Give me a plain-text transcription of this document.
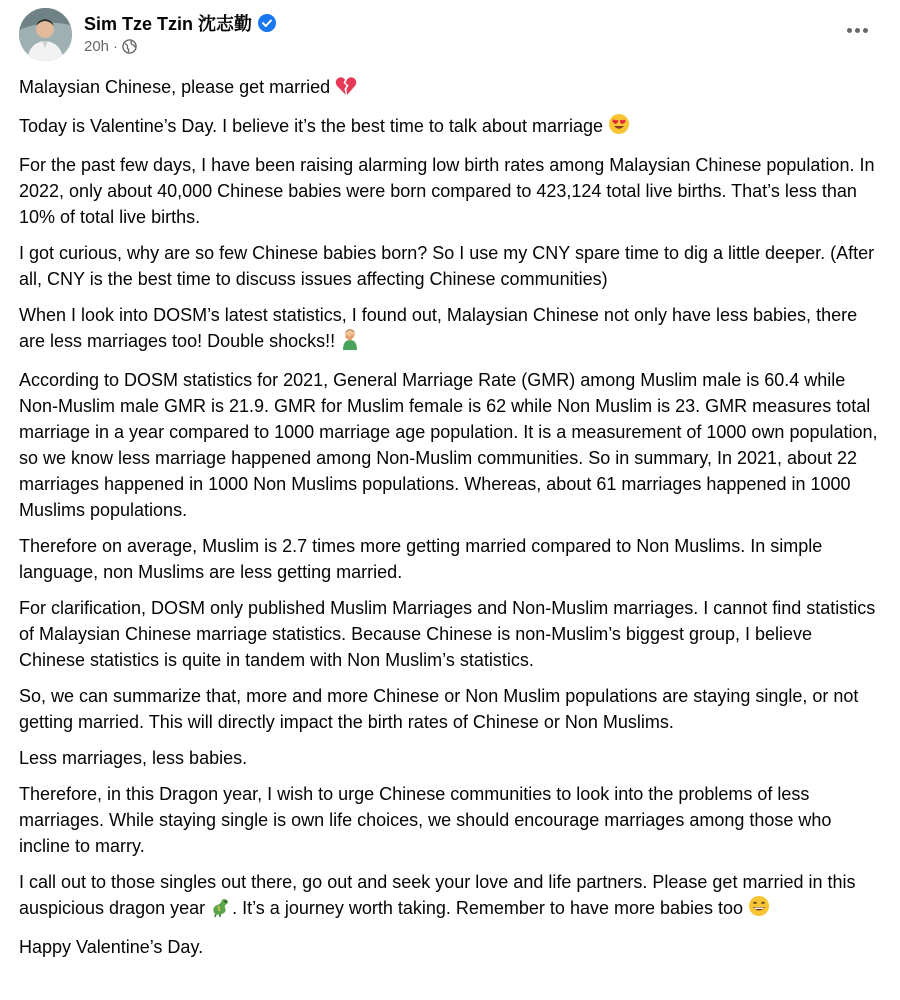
Sim Tze Tzin 沈志勤
20h ·

Malaysian Chinese, please get married

Today is Valentine’s Day. I believe it’s the best time to talk about marriage

For the past few days, I have been raising alarming low birth rates among Malaysian Chinese population. In 2022, only about 40,000 Chinese babies were born compared to 423,124 total live births. That’s less than 10% of total live births.

I got curious, why are so few Chinese babies born? So I use my CNY spare time to dig a little deeper. (After all, CNY is the best time to discuss issues affecting Chinese communities)

When I look into DOSM’s latest statistics, I found out, Malaysian Chinese not only have less babies, there are less marriages too! Double shocks!!

According to DOSM statistics for 2021, General Marriage Rate (GMR) among Muslim male is 60.4 while Non-Muslim male GMR is 21.9. GMR for Muslim female is 62 while Non Muslim is 23. GMR measures total marriage in a year compared to 1000 marriage age population. It is a measurement of 1000 own population, so we know less marriage happened among Non-Muslim communities. So in summary, In 2021, about 22 marriages happened in 1000 Non Muslims populations. Whereas, about 61 marriages happened in 1000 Muslims populations.

Therefore on average, Muslim is 2.7 times more getting married compared to Non Muslims. In simple language, non Muslims are less getting married.

For clarification, DOSM only published Muslim Marriages and Non-Muslim marriages. I cannot find statistics of Malaysian Chinese marriage statistics. Because Chinese is non-Muslim’s biggest group, I believe Chinese statistics is quite in tandem with Non Muslim’s statistics.

So, we can summarize that, more and more Chinese or Non Muslim populations are staying single, or not getting married. This will directly impact the birth rates of Chinese or Non Muslims.

Less marriages, less babies.

Therefore, in this Dragon year, I wish to urge Chinese communities to look into the problems of less marriages. While staying single is own life choices, we should encourage marriages among those who incline to marry.

I call out to those singles out there, go out and seek your love and life partners. Please get married in this auspicious dragon year . It’s a journey worth taking. Remember to have more babies too

Happy Valentine’s Day.
